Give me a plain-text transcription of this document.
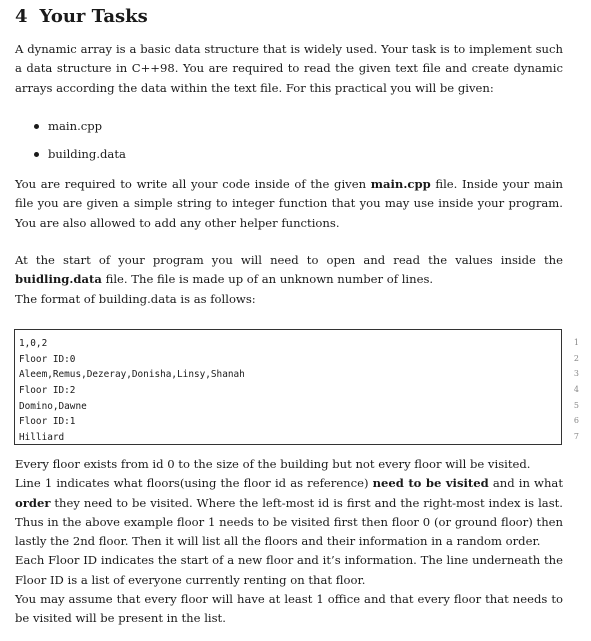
4 Your Tasks

A dynamic array is a basic data structure that is widely used. Your task is to implement such a data structure in C++98. You are required to read the given text file and create dynamic arrays according the data within the text file. For this practical you will be given:

main.cpp
building.data

You are required to write all your code inside of the given main.cpp file. Inside your main file you are given a simple string to integer function that you may use inside your program. You are also allowed to add any other helper functions.

At the start of your program you will need to open and read the values inside the buidling.data file. The file is made up of an unknown number of lines.
The format of building.data is as follows:

1,0,2
Floor ID:0
Aleem,Remus,Dezeray,Donisha,Linsy,Shanah
Floor ID:2
Domino,Dawne
Floor ID:1
Hilliard
1
2
3
4
5
6
7

Every floor exists from id 0 to the size of the building but not every floor will be visited.
Line 1 indicates what floors(using the floor id as reference) need to be visited and in what order they need to be visited. Where the left-most id is first and the right-most index is last. Thus in the above example floor 1 needs to be visited first then floor 0 (or ground floor) then lastly the 2nd floor. Then it will list all the floors and their information in a random order.
Each Floor ID indicates the start of a new floor and it’s information. The line underneath the Floor ID is a list of everyone currently renting on that floor.
You may assume that every floor will have at least 1 office and that every floor that needs to be visited will be present in the list.
